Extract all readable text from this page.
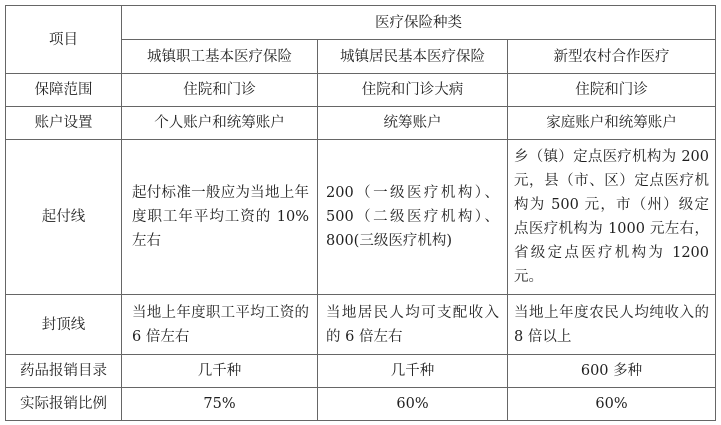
项目	医疗保险种类		
	城镇职工基本医疗保险	城镇居民基本医疗保险	新型农村合作医疗
保障范围	住院和门诊	住院和门诊大病	住院和门诊
账户设置	个人账户和统筹账户	统筹账户	家庭账户和统筹账户
起付线	起付标准一般应为当地上年度职工年平均工资的 10%左右	200（一级医疗机构）、500（二级医疗机构）、800(三级医疗机构)	乡（镇）定点医疗机构为 200 元，县（市、区）定点医疗机构为 500 元，市（州）级定点医疗机构为 1000 元左右，省级定点医疗机构为 1200 元。

封顶线	当地上年度职工平均工资的 6 倍左右	当地居民人均可支配收入的 6 倍左右	当地上年度农民人均纯收入的 8 倍以上

药品报销目录	几千种	几千种	600 多种
实际报销比例	75%	60%	60%
